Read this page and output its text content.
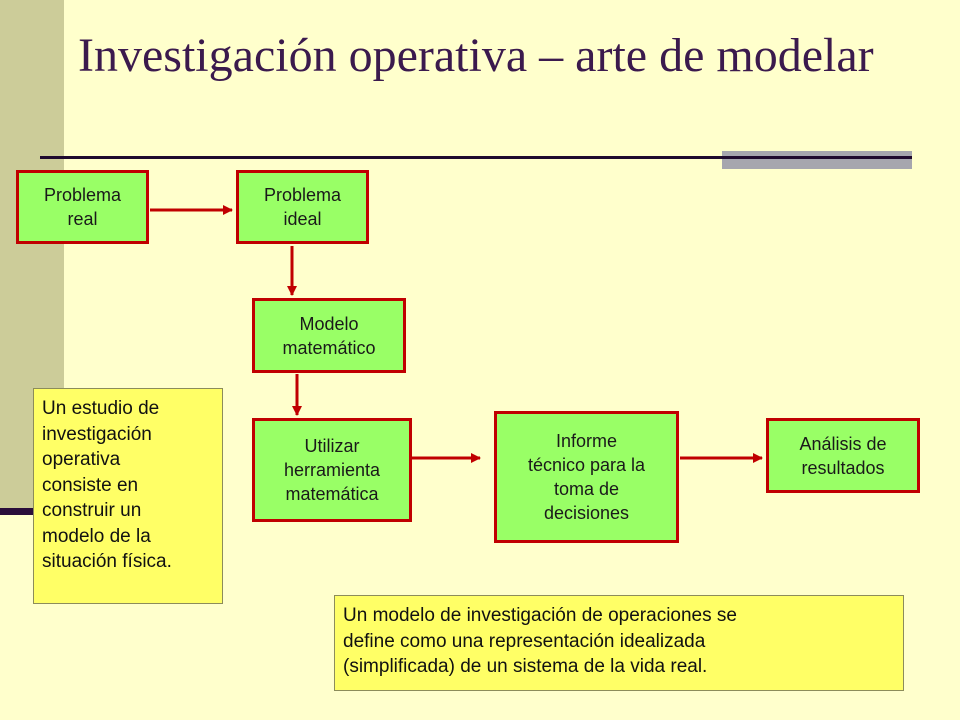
Investigación operativa – arte de modelar
Problema
real
Problema
ideal
Modelo
matemático
Utilizar
herramienta
matemática
Informe
técnico para la
toma de
decisiones
Análisis de
resultados
Un estudio de
investigación
operativa
consiste en
construir un
modelo de la
situación física.
Un modelo de investigación de operaciones se
define como una representación idealizada
(simplificada) de un sistema de la vida real.
